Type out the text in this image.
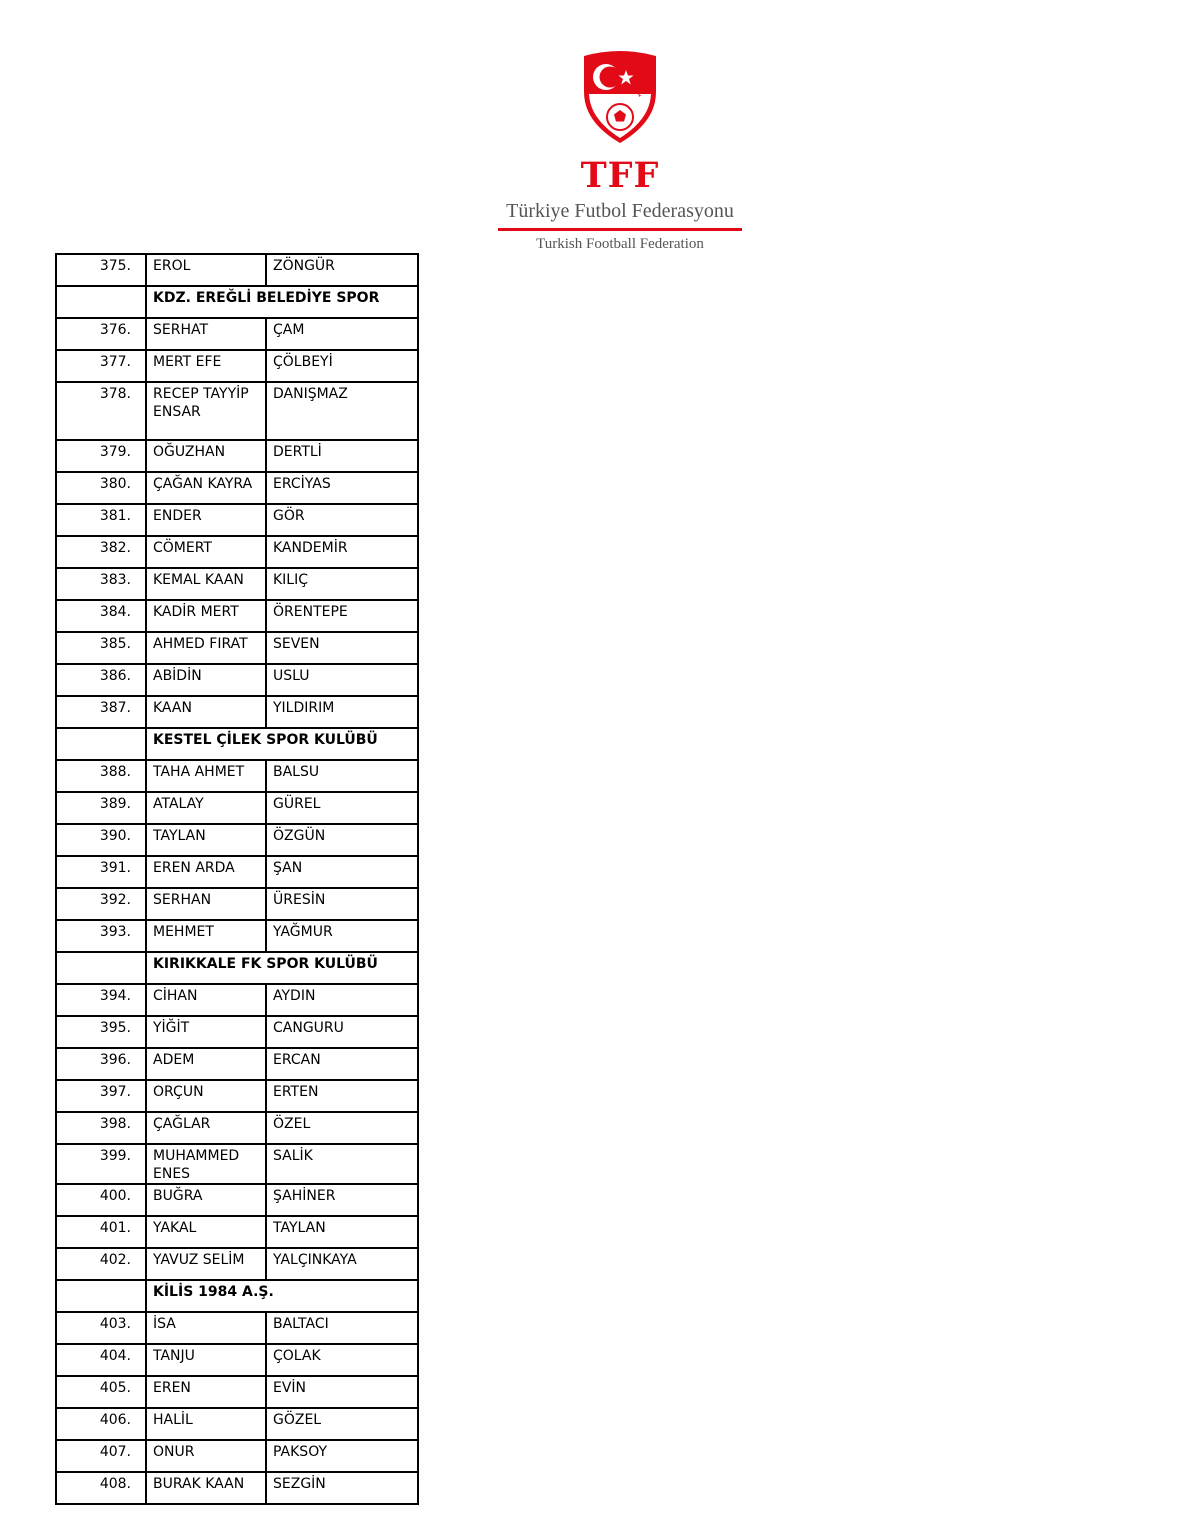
1923
TFF
Türkiye Futbol Federasyonu
Turkish Football Federation
375.	EROL	ZÖNGÜR
	KDZ. EREĞLİ BELEDİYE SPOR	
376.	SERHAT	ÇAM
377.	MERT EFE	ÇÖLBEYİ
378.	RECEP TAYYİP ENSAR	DANIŞMAZ
379.	OĞUZHAN	DERTLİ
380.	ÇAĞAN KAYRA	ERCİYAS
381.	ENDER	GÖR
382.	CÖMERT	KANDEMİR
383.	KEMAL KAAN	KILIÇ
384.	KADİR MERT	ÖRENTEPE
385.	AHMED FIRAT	SEVEN
386.	ABİDİN	USLU
387.	KAAN	YILDIRIM
	KESTEL ÇİLEK SPOR KULÜBÜ	
388.	TAHA AHMET	BALSU
389.	ATALAY	GÜREL
390.	TAYLAN	ÖZGÜN
391.	EREN ARDA	ŞAN
392.	SERHAN	ÜRESİN
393.	MEHMET	YAĞMUR
	KIRIKKALE FK SPOR KULÜBÜ	
394.	CİHAN	AYDIN
395.	YİĞİT	CANGURU
396.	ADEM	ERCAN
397.	ORÇUN	ERTEN
398.	ÇAĞLAR	ÖZEL
399.	MUHAMMED ENES	SALİK
400.	BUĞRA	ŞAHİNER
401.	YAKAL	TAYLAN
402.	YAVUZ SELİM	YALÇINKAYA
	KİLİS 1984 A.Ş.	
403.	İSA	BALTACI
404.	TANJU	ÇOLAK
405.	EREN	EVİN
406.	HALİL	GÖZEL
407.	ONUR	PAKSOY
408.	BURAK KAAN	SEZGİN
